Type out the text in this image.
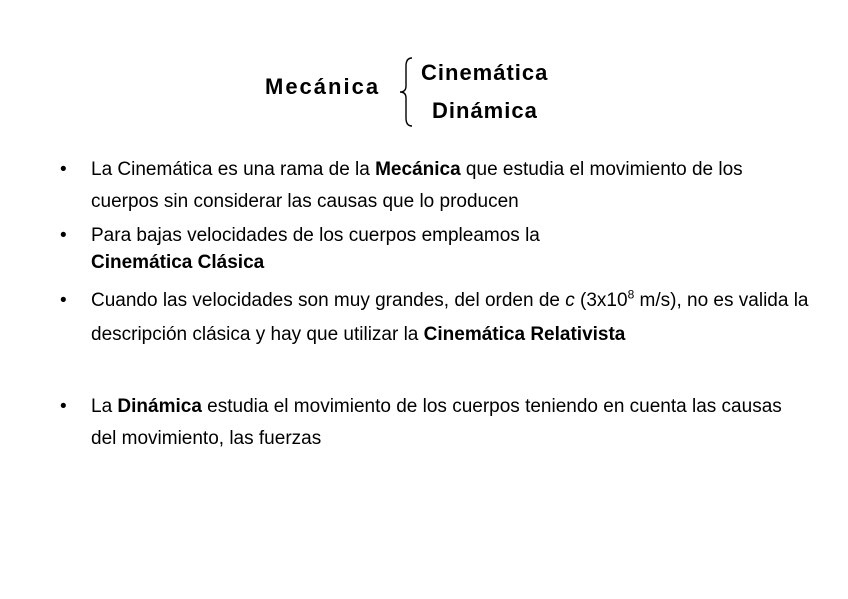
Mecánica
Cinemática
Dinámica
• La Cinemática es una rama de la Mecánica que estudia el movimiento de los cuerpos sin considerar las causas que lo producen
• Para bajas velocidades de los cuerpos empleamos la
Cinemática Clásica
• Cuando las velocidades son muy grandes, del orden de c ($3x10^8$ m/s), no es valida la descripción clásica y hay que utilizar la Cinemática Relativista
• La Dinámica estudia el movimiento de los cuerpos teniendo en cuenta las causas del movimiento, las fuerzas
